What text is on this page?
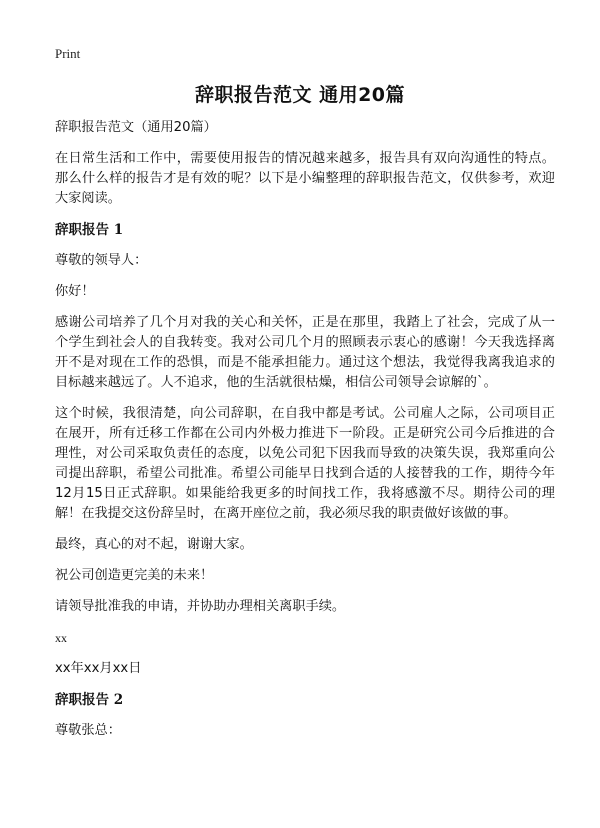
Print
辞职报告范文 通用20篇

辞职报告范文（通用20篇）

在日常生活和工作中，需要使用报告的情况越来越多，报告具有双向沟通性的特点。那么什么样的报告才是有效的呢？以下是小编整理的辞职报告范文，仅供参考，欢迎大家阅读。

辞职报告 1

尊敬的领导人：

你好！

感谢公司培养了几个月对我的关心和关怀，正是在那里，我踏上了社会，完成了从一个学生到社会人的自我转变。我对公司几个月的照顾表示衷心的感谢！今天我选择离开不是对现在工作的恐惧，而是不能承担能力。通过这个想法，我觉得我离我追求的目标越来越远了。人不追求，他的生活就很枯燥，相信公司领导会谅解的`。

这个时候，我很清楚，向公司辞职，在自我中都是考试。公司雇人之际，公司项目正在展开，所有迁移工作都在公司内外极力推进下一阶段。正是研究公司今后推进的合理性，对公司采取负责任的态度，以免公司犯下因我而导致的决策失误，我郑重向公司提出辞职，希望公司批准。希望公司能早日找到合适的人接替我的工作，期待今年12月15日正式辞职。如果能给我更多的时间找工作，我将感激不尽。期待公司的理解！在我提交这份辞呈时，在离开座位之前，我必须尽我的职责做好该做的事。

最终，真心的对不起，谢谢大家。

祝公司创造更完美的未来！

请领导批准我的申请，并协助办理相关离职手续。

xx

xx年xx月xx日

辞职报告 2

尊敬张总：
